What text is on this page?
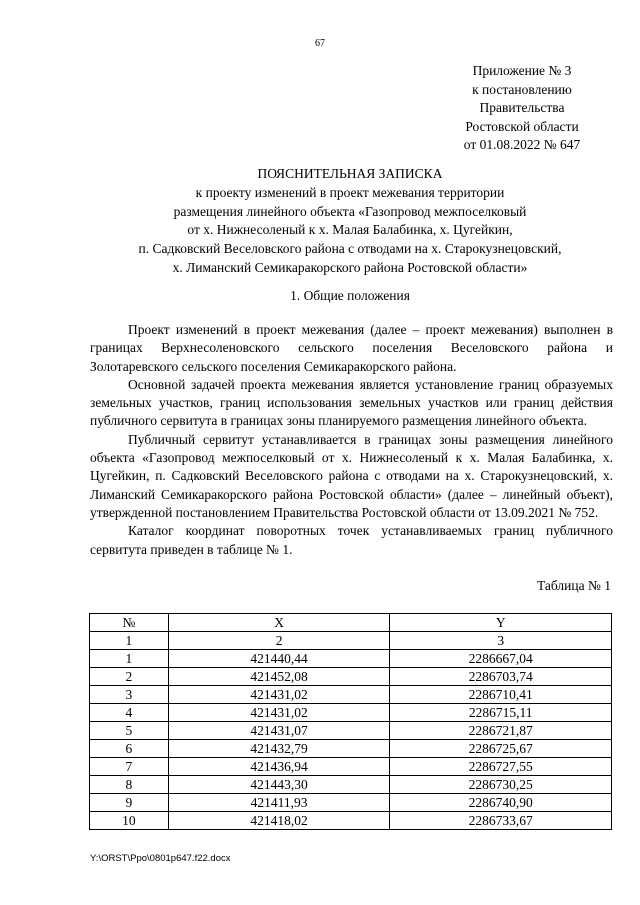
67
Приложение № 3
к постановлению
Правительства
Ростовской области
от 01.08.2022 № 647
ПОЯСНИТЕЛЬНАЯ ЗАПИСКА
к проекту изменений в проект межевания территории
размещения линейного объекта «Газопровод межпоселковый
от х. Нижнесоленый к х. Малая Балабинка, х. Цугейкин,
п. Садковский Веселовского района с отводами на х. Старокузнецовский,
х. Лиманский Семикаракорского района Ростовской области»
1. Общие положения

Проект изменений в проект межевания (далее – проект межевания) выполнен в границах Верхнесоленовского сельского поселения Веселовского района и Золотаревского сельского поселения Семикаракорского района.

Основной задачей проекта межевания является установление границ образуемых земельных участков, границ использования земельных участков или границ действия публичного сервитута в границах зоны планируемого размещения линейного объекта.

Публичный сервитут устанавливается в границах зоны размещения линейного объекта «Газопровод межпоселковый от х. Нижнесоленый к х. Малая Балабинка, х. Цугейкин, п. Садковский Веселовского района с отводами на х. Старокузнецовский, х. Лиманский Семикаракорского района Ростовской области» (далее – линейный объект), утвержденной постановлением Правительства Ростовской области от 13.09.2021 № 752.

Каталог координат поворотных точек устанавливаемых границ публичного сервитута приведен в таблице № 1.

Таблица № 1
№	X	Y
1	2	3
1	421440,44	2286667,04
2	421452,08	2286703,74
3	421431,02	2286710,41
4	421431,02	2286715,11
5	421431,07	2286721,87
6	421432,79	2286725,67
7	421436,94	2286727,55
8	421443,30	2286730,25
9	421411,93	2286740,90
10	421418,02	2286733,67
Y:\ORST\Ppo\0801p647.f22.docx
